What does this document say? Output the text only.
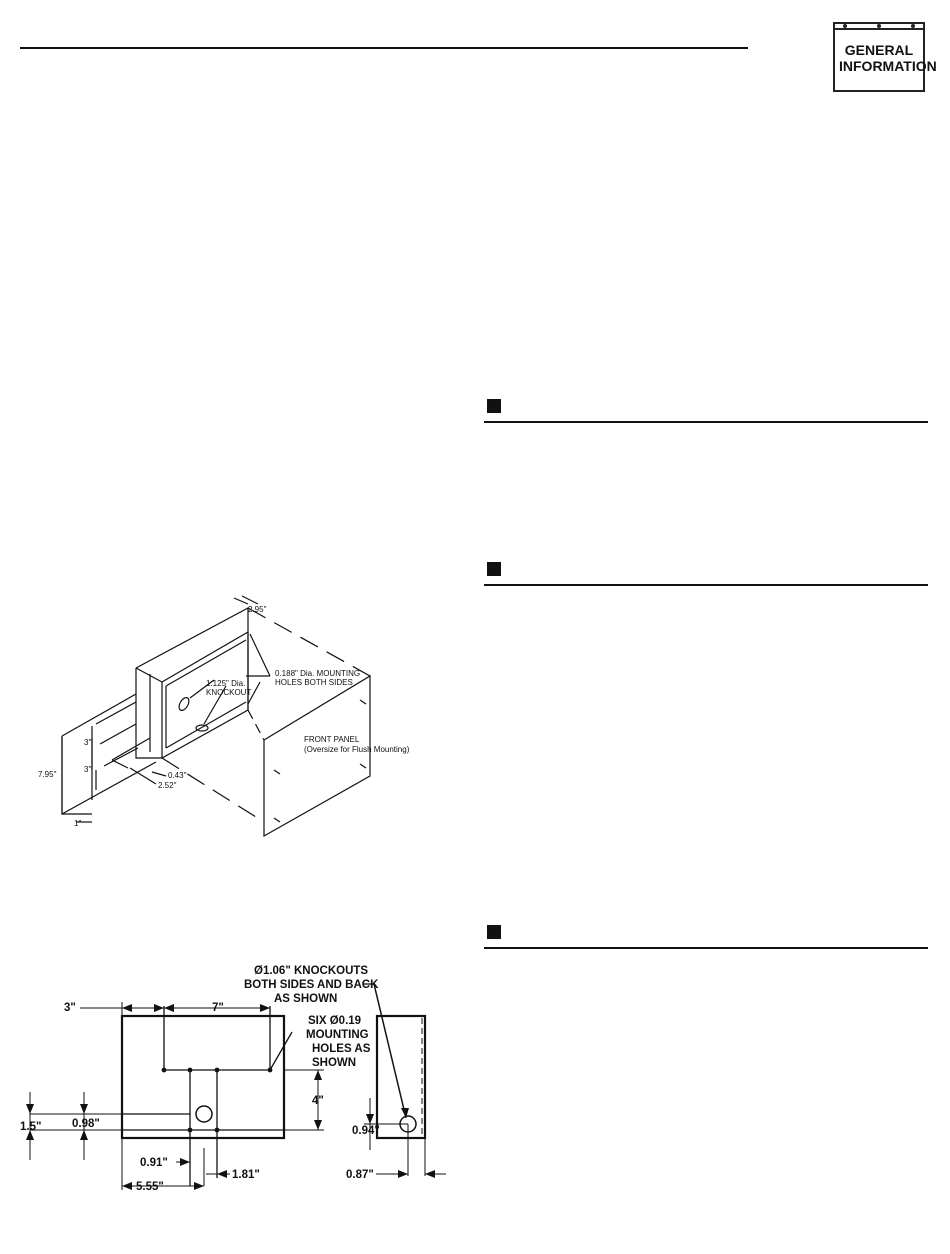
GENERAL
INFORMATION
2.95"
0.188" Dia. MOUNTING
HOLES BOTH SIDES
1.125" Dia.
KNOCKOUT
FRONT PANEL
(Oversize for Flush Mounting)
7.95"
3"
3"
1"
0.43"
2.52"
Ø1.06" KNOCKOUTS
BOTH SIDES AND BACK
AS SHOWN
SIX Ø0.19
MOUNTING
HOLES AS
SHOWN
3"	7"
4"
1.5"	0.98"
0.91"
1.81"
5.55"
0.94"
0.87"
